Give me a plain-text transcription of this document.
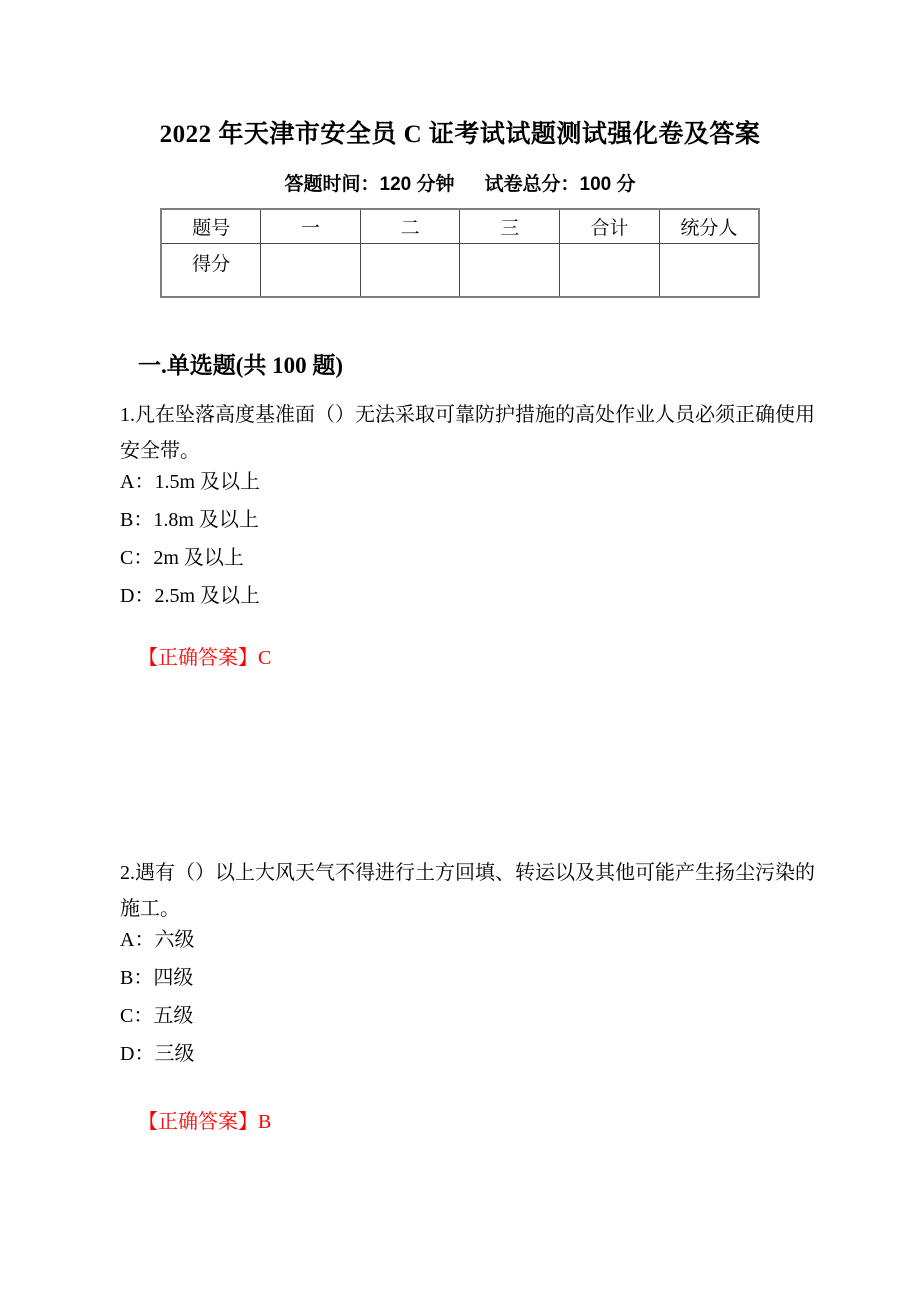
2022 年天津市安全员 C 证考试试题测试强化卷及答案
答题时间：120 分钟 试卷总分：100 分
题号	一	二	三	合计	统分人
得分					
一.单选题(共 100 题)

1.凡在坠落高度基准面（）无法采取可靠防护措施的高处作业人员必须正确使用安全带。

A：1.5m 及以上
B：1.8m 及以上
C：2m 及以上
D：2.5m 及以上
【正确答案】C

2.遇有（）以上大风天气不得进行土方回填、转运以及其他可能产生扬尘污染的施工。

A：六级
B：四级
C：五级
D：三级
【正确答案】B
